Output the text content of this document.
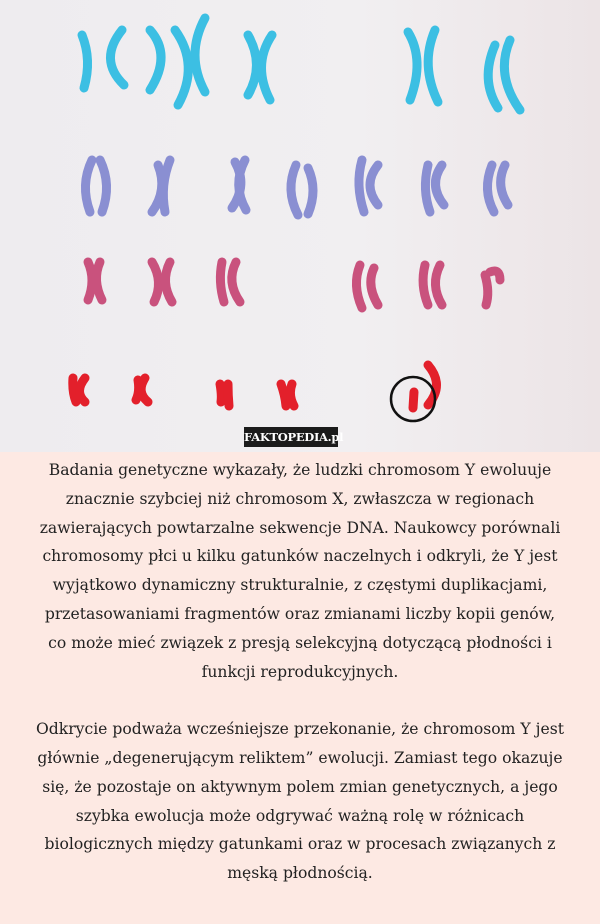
FAKTOPEDIA.pl
Badania genetyczne wykazały, że ludzki chromosom Y ewoluuje
znacznie szybciej niż chromosom X, zwłaszcza w regionach
zawierających powtarzalne sekwencje DNA. Naukowcy porównali
chromosomy płci u kilku gatunków naczelnych i odkryli, że Y jest
wyjątkowo dynamiczny strukturalnie, z częstymi duplikacjami,
przetasowaniami fragmentów oraz zmianami liczby kopii genów,
co może mieć związek z presją selekcyjną dotyczącą płodności i
funkcji reprodukcyjnych.
Odkrycie podważa wcześniejsze przekonanie, że chromosom Y jest
głównie „degenerującym reliktem” ewolucji. Zamiast tego okazuje
się, że pozostaje on aktywnym polem zmian genetycznych, a jego
szybka ewolucja może odgrywać ważną rolę w różnicach
biologicznych między gatunkami oraz w procesach związanych z
męską płodnością.
